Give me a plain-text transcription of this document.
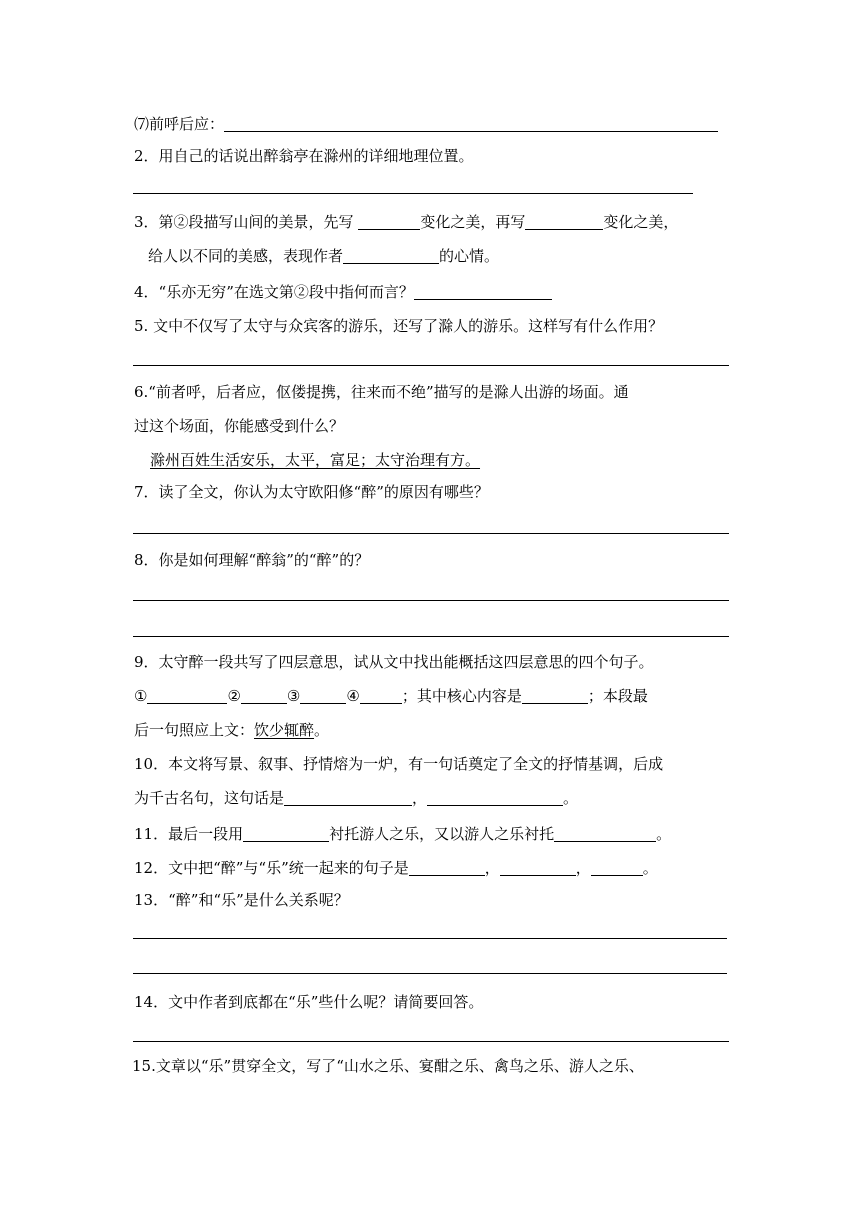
⑺前呼后应：
2．用自己的话说出醉翁亭在滁州的详细地理位置。
3．第②段描写山间的美景，先写	变化之美，再写	变化之美，
给人以不同的美感，表现作者	的心情。
4．“乐亦无穷”在选文第②段中指何而言？
5. 文中不仅写了太守与众宾客的游乐，还写了滁人的游乐。这样写有什么作用？
6.“前者呼，后者应，伛偻提携，往来而不绝”描写的是滁人出游的场面。通
过这个场面，你能感受到什么？
滁州百姓生活安乐，太平，富足；太守治理有方。
7．读了全文，你认为太守欧阳修“醉”的原因有哪些？
8．你是如何理解“醉翁”的“醉”的？
9．太守醉一段共写了四层意思，试从文中找出能概括这四层意思的四个句子。
①	②	③	④	；其中核心内容是	；本段最
后一句照应上文：饮少辄醉。
10．本文将写景、叙事、抒情熔为一炉，有一句话奠定了全文的抒情基调，后成
为千古名句，这句话是	，	。
11．最后一段用	衬托游人之乐，又以游人之乐衬托	。
12．文中把“醉”与“乐”统一起来的句子是	，	，	。
13．“醉”和“乐”是什么关系呢？
14．文中作者到底都在“乐”些什么呢？请简要回答。
15.文章以“乐”贯穿全文，写了“山水之乐、宴酣之乐、禽鸟之乐、游人之乐、
